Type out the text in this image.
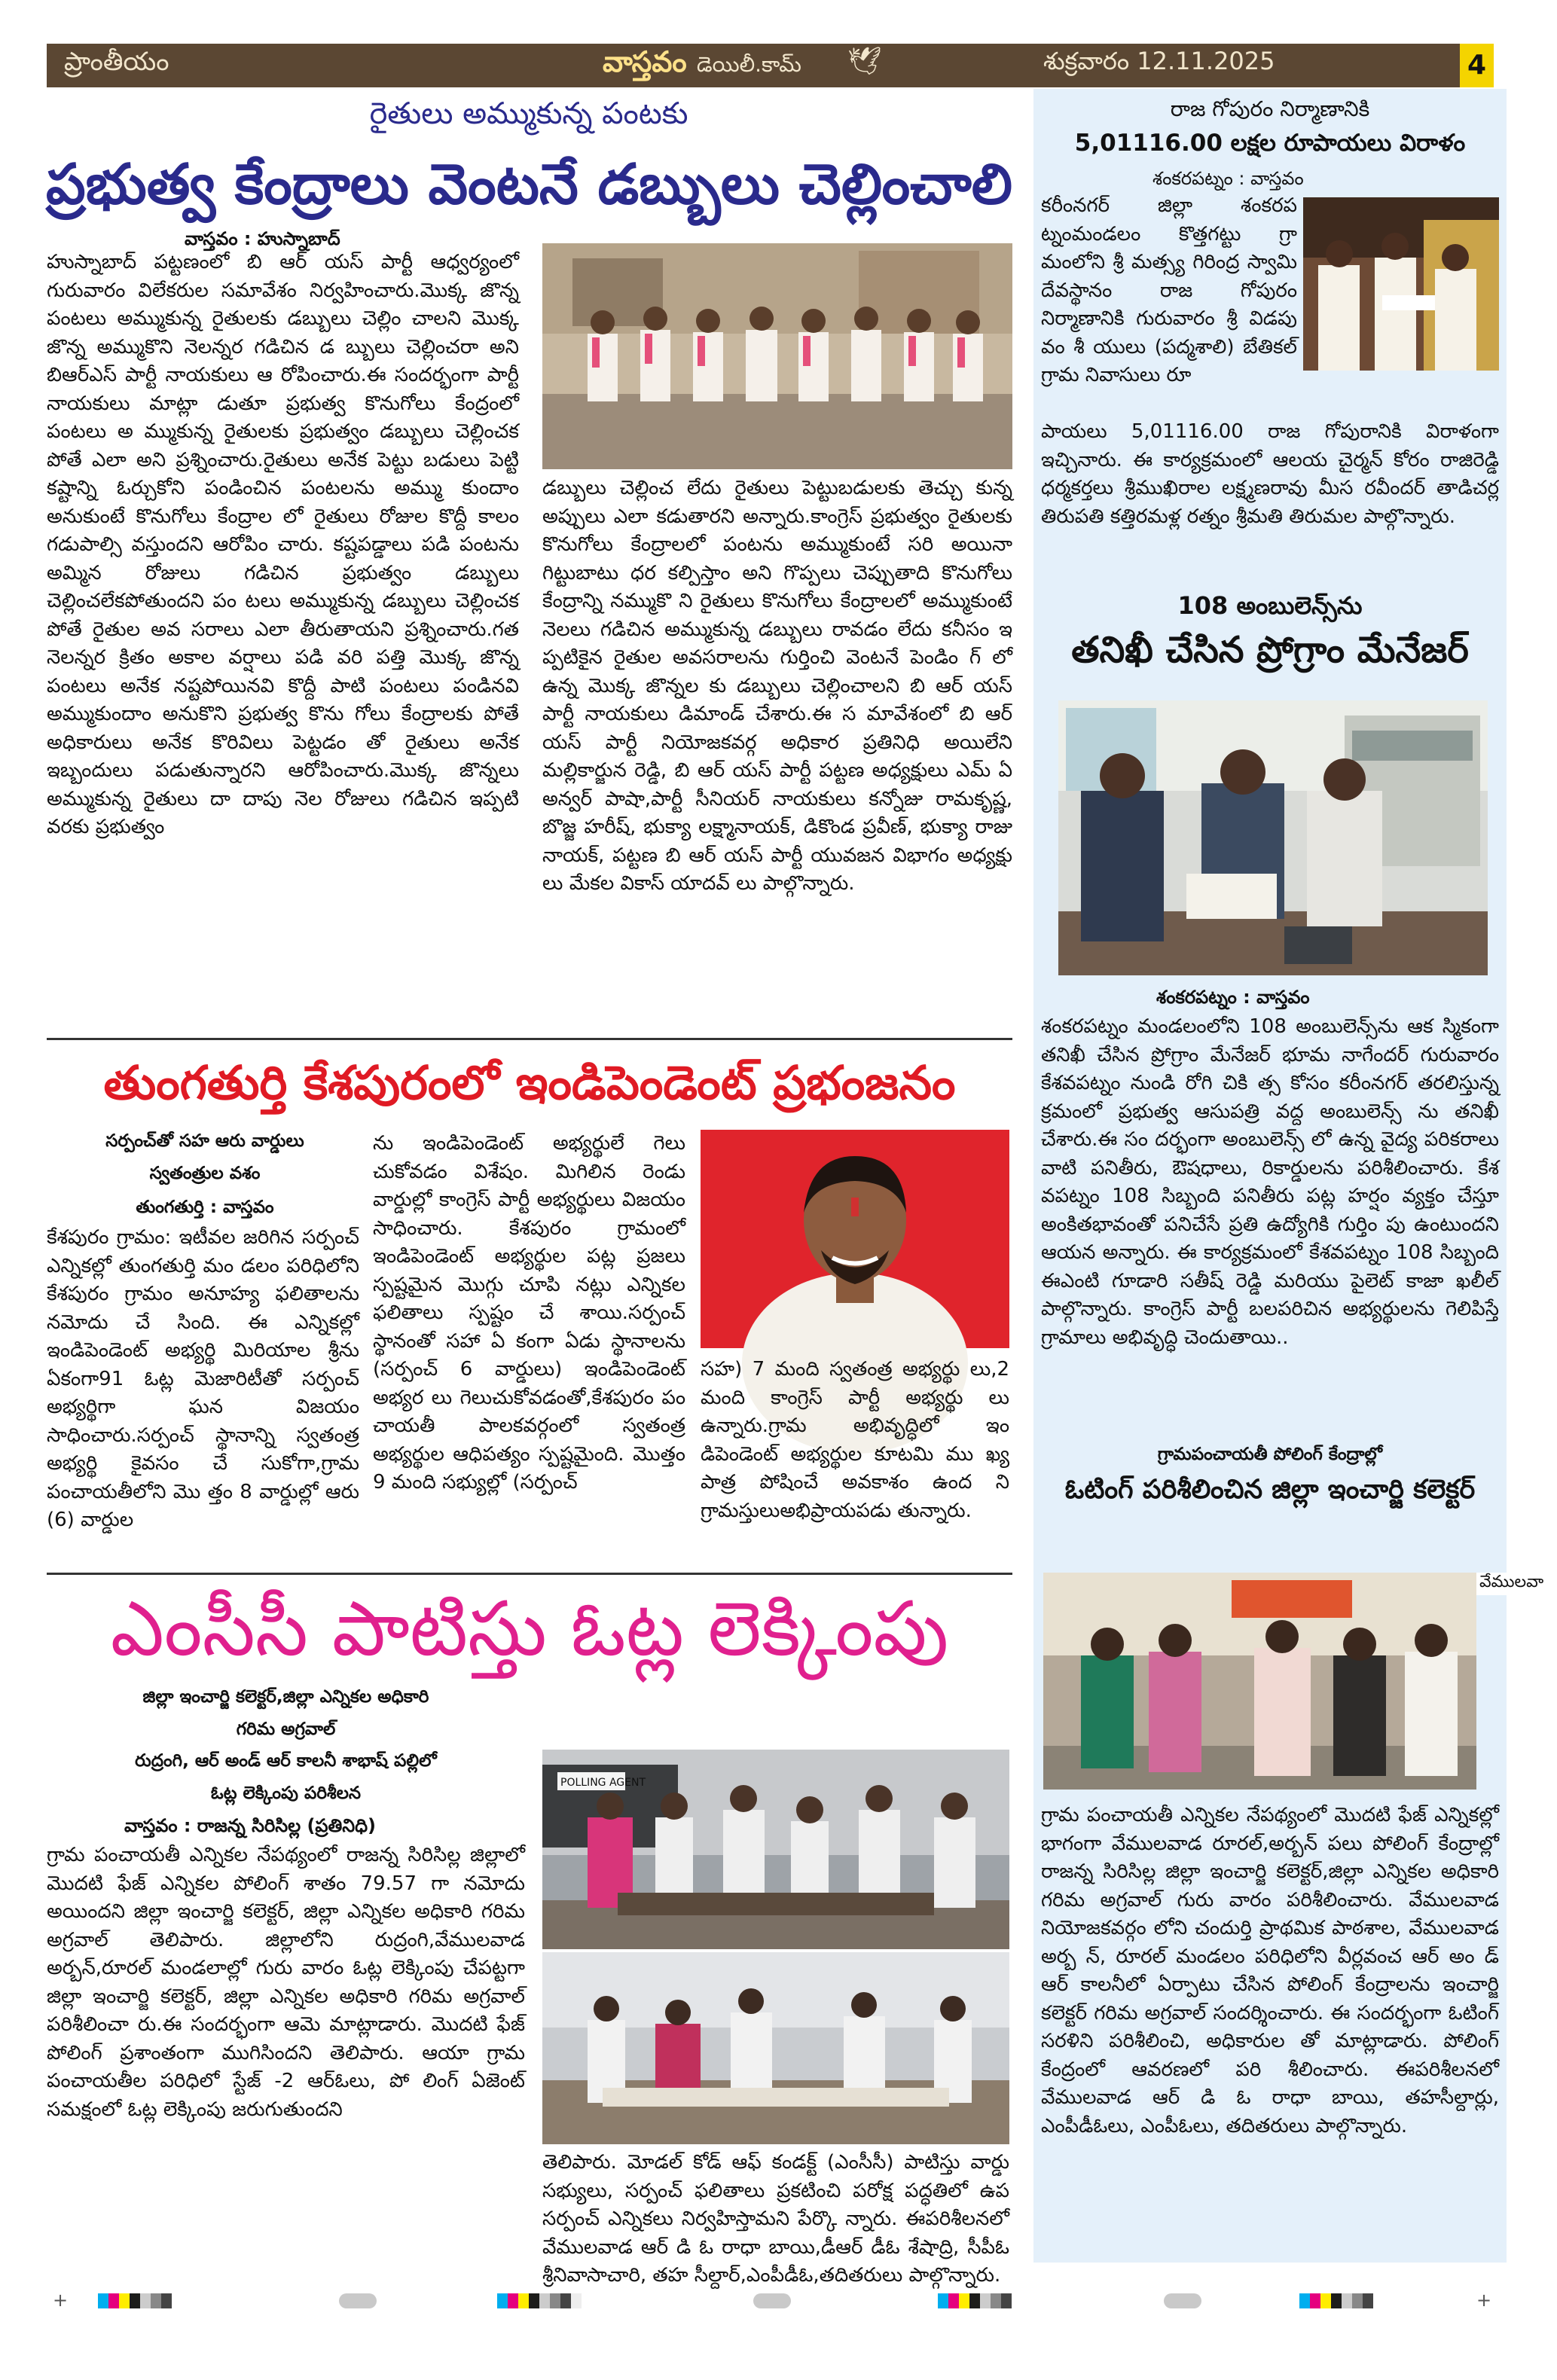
ప్రాంతీయం	వాస్తవం డెయిలీ.కామ్ 🕊	శుక్రవారం 12.11.2025	4
రైతులు అమ్ముకున్న పంటకు
ప్రభుత్వ కేంద్రాలు వెంటనే డబ్బులు చెల్లించాలి
వాస్తవం : హుస్నాబాద్
హుస్నాబాద్ పట్టణంలో బి ఆర్ యస్ పార్టీ ఆధ్వర్యంలో గురువారం విలేకరుల సమావేశం నిర్వహించారు.మొక్క జొన్న పంటలు అమ్ముకున్న రైతులకు డబ్బులు చెల్లిం చాలని మొక్క జొన్న అమ్ముకొని నెలన్నర గడిచిన డ బ్బులు చెల్లించరా అని బిఆర్ఎస్ పార్టీ నాయకులు ఆ రోపించారు.ఈ సందర్భంగా పార్టీ నాయకులు మాట్లా డుతూ ప్రభుత్వ కొనుగోలు కేంద్రంలో పంటలు అ మ్ముకున్న రైతులకు ప్రభుత్వం డబ్బులు చెల్లించక పోతే ఎలా అని ప్రశ్నించారు.రైతులు అనేక పెట్టు బడులు పెట్టి కష్టాన్ని ఓర్చుకోని పండించిన పంటలను అమ్ము కుందాం అనుకుంటే కొనుగోలు కేంద్రాల లో రైతులు రోజుల కొద్దీ కాలం గడుపాల్సి వస్తుందని ఆరోపిం చారు. కష్టపడ్డాలు పడి పంటను అమ్మిన రోజులు గడిచిన ప్రభుత్వం డబ్బులు చెల్లించలేకపోతుందని పం టలు అమ్ముకున్న డబ్బులు చెల్లించక పోతే రైతుల అవ సరాలు ఎలా తీరుతాయని ప్రశ్నించారు.గత నెలన్నర క్రితం అకాల వర్షాలు పడి వరి పత్తి మొక్క జొన్న పంటలు అనేక నష్టపోయినవి కొద్దీ పాటి పంటలు పండినవి అమ్ముకుందాం అనుకొని ప్రభుత్వ కొను గోలు కేంద్రాలకు పోతే అధికారులు అనేక కొరివిలు పెట్టడం తో రైతులు అనేక ఇబ్బందులు పడుతున్నారని ఆరోపించారు.మొక్క జొన్నలు అమ్ముకున్న రైతులు దా దాపు నెల రోజులు గడిచిన ఇప్పటి వరకు ప్రభుత్వం
డబ్బులు చెల్లించ లేదు రైతులు పెట్టుబడులకు తెచ్చు కున్న అప్పులు ఎలా కడుతారని అన్నారు.కాంగ్రెస్ ప్రభుత్వం రైతులకు కొనుగోలు కేంద్రాలలో పంటను అమ్ముకుంటే సరి అయినా గిట్టుబాటు ధర కల్పిస్తాం అని గొప్పలు చెప్పుతాది కొనుగోలు కేంద్రాన్ని నమ్ముకొ ని రైతులు కొనుగోలు కేంద్రాలలో అమ్ముకుంటే నెలలు గడిచిన అమ్ముకున్న డబ్బులు రావడం లేదు కనీసం ఇ ప్పటికైన రైతుల అవసరాలను గుర్తించి వెంటనే పెండిం గ్ లో ఉన్న మొక్క జొన్నల కు డబ్బులు చెల్లించాలని బి ఆర్ యస్ పార్టీ నాయకులు డిమాండ్ చేశారు.ఈ స మావేశంలో బి ఆర్ యస్ పార్టీ నియోజకవర్గ అధికార ప్రతినిధి అయిలేని మల్లికార్జున రెడ్డి, బి ఆర్ యస్ పార్టీ పట్టణ అధ్యక్షులు ఎమ్ ఏ అన్వర్ పాషా,పార్టీ సీనియర్ నాయకులు కన్నోజు రామకృష్ణ, బొజ్జ హరీష్, భుక్యా లక్ష్మానాయక్, డికొండ ప్రవీణ్, భుక్యా రాజు నాయక్, పట్టణ బి ఆర్ యస్ పార్టీ యువజన విభాగం అధ్యక్షు లు మేకల వికాస్ యాదవ్ లు పాల్గొన్నారు.
తుంగతుర్తి కేశపురంలో ఇండిపెండెంట్ ప్రభంజనం
సర్పంచ్‌తో సహ ఆరు వార్డులు
స్వతంత్రుల వశం
తుంగతుర్తి : వాస్తవం
కేశపురం గ్రామం: ఇటీవల జరిగిన సర్పంచ్ ఎన్నికల్లో తుంగతుర్తి మం డలం పరిధిలోని కేశపురం గ్రామం అనూహ్య ఫలితాలను నమోదు చే సింది. ఈ ఎన్నికల్లో ఇండిపెండెంట్ అభ్యర్థి మిరియాల శ్రీను ఏకంగా91 ఓట్ల మెజారిటీతో సర్పంచ్ అభ్యర్థిగా ఘన విజయం సాధించారు.సర్పంచ్ స్థానాన్ని స్వతంత్ర అభ్యర్థి కైవసం చే సుకోగా,గ్రామ పంచాయతీలోని మొ త్తం 8 వార్డుల్లో ఆరు (6) వార్డుల
ను ఇండిపెండెంట్ అభ్యర్థులే గెలు చుకోవడం విశేషం. మిగిలిన రెండు వార్డుల్లో కాంగ్రెస్ పార్టీ అభ్యర్థులు విజయం సాధించారు. కేశపురం గ్రామంలో ఇండిపెండెంట్ అభ్యర్థుల పట్ల ప్రజలు స్పష్టమైన మొగ్గు చూపి నట్లు ఎన్నికల ఫలితాలు స్పష్టం చే శాయి.సర్పంచ్ స్థానంతో సహా ఏ కంగా ఏడు స్థానాలను (సర్పంచ్ 6 వార్డులు) ఇండిపెండెంట్ అభ్యర లు గెలుచుకోవడంతో,కేశపురం పం చాయతీ పాలకవర్గంలో స్వతంత్ర అభ్యర్థుల ఆధిపత్యం స్పష్టమైంది. మొత్తం 9 మంది సభ్యుల్లో (సర్పంచ్
సహ) 7 మంది స్వతంత్ర అభ్యర్థు లు,2 మంది కాంగ్రెస్ పార్టీ అభ్యర్థు లు ఉన్నారు.గ్రామ అభివృద్ధిలో ఇం డిపెండెంట్ అభ్యర్థుల కూటమి ము ఖ్య పాత్ర పోషించే అవకాశం ఉంద ని గ్రామస్తులుఅభిప్రాయపడు తున్నారు.
ఎంసీసీ పాటిస్తు ఓట్ల లెక్కింపు
జిల్లా ఇంచార్జి కలెక్టర్,జిల్లా ఎన్నికల అధికారి
గరిమ అగ్రవాల్
రుద్రంగి, ఆర్ అండ్ ఆర్ కాలనీ శాభాష్ పల్లిలో
ఓట్ల లెక్కింపు పరిశీలన
వాస్తవం : రాజన్న సిరిసిల్ల (ప్రతినిధి)
గ్రామ పంచాయతీ ఎన్నికల నేపథ్యంలో రాజన్న సిరిసిల్ల జిల్లాలో మొదటి ఫేజ్ ఎన్నికల పోలింగ్ శాతం 79.57 గా నమోదు అయిందని జిల్లా ఇంచార్జి కలెక్టర్, జిల్లా ఎన్నికల అధికారి గరిమ అగ్రవాల్ తెలిపారు. జిల్లాలోని రుద్రంగి,వేములవాడ అర్బన్,రూరల్ మండలాల్లో గురు వారం ఓట్ల లెక్కింపు చేపట్టగా జిల్లా ఇంచార్జి కలెక్టర్, జిల్లా ఎన్నికల అధికారి గరిమ అగ్రవాల్ పరిశీలించా రు.ఈ సందర్భంగా ఆమె మాట్లాడారు. మొదటి ఫేజ్ పోలింగ్ ప్రశాంతంగా ముగిసిందని తెలిపారు. ఆయా గ్రామ పంచాయతీల పరిధిలో స్టేజ్ -2 ఆర్‌ఓలు, పో లింగ్ ఏజెంట్ సమక్షంలో ఓట్ల లెక్కింపు జరుగుతుందని
POLLING AGENT
తెలిపారు. మోడల్ కోడ్ ఆఫ్ కండక్ట్ (ఎంసీసీ) పాటిస్తు వార్డు సభ్యులు, సర్పంచ్ ఫలితాలు ప్రకటించి పరోక్ష పద్ధతిలో ఉప సర్పంచ్ ఎన్నికలు నిర్వహిస్తామని పేర్కొ న్నారు. ఈపరిశీలనలో వేములవాడ ఆర్ డి ఓ రాధా బాయి,డీఆర్ డీఓ శేషాద్రి, సీపీఓ శ్రీనివాసాచారి, తహ సీల్దార్,ఎంపీడీఓ,తదితరులు పాల్గొన్నారు.
రాజ గోపురం నిర్మాణానికి
5,01116.00 లక్షల రూపాయలు విరాళం
శంకరపట్నం : వాస్తవం
కరీంనగర్ జిల్లా శంకరప ట్నంమండలం కొత్తగట్టు గ్రా మంలోని శ్రీ మత్స్య గిరింద్ర స్వామి దేవస్థానం రాజ గోపురం నిర్మాణానికి గురువారం శ్రీ విడపు వం శీ యులు (పద్మశాలి) బేతికల్ గ్రామ నివాసులు రూ
పాయలు 5,01116.00 రాజ గోపురానికి విరాళంగా ఇచ్చినారు. ఈ కార్యక్రమంలో ఆలయ చైర్మన్ కోరం రాజిరెడ్డి ధర్మకర్తలు శ్రీముఖిరాల లక్ష్మణరావు మీస రవీందర్ తాడిచర్ల తిరుపతి కత్తిరమళ్ల రత్నం శ్రీమతి తిరుమల పాల్గొన్నారు.
108 అంబులెన్స్‌ను
తనిఖీ చేసిన ప్రోగ్రాం మేనేజర్
శంకరపట్నం : వాస్తవం
శంకరపట్నం మండలంలోని 108 అంబులెన్స్‌ను ఆక స్మికంగా తనిఖీ చేసిన ప్రోగ్రాం మేనేజర్ భూమ నాగేందర్ గురువారం కేశవపట్నం నుండి రోగి చికి త్స కోసం కరీంనగర్ తరలిస్తున్న క్రమంలో ప్రభుత్వ ఆసుపత్రి వద్ద అంబులెన్స్ ను తనిఖీ చేశారు.ఈ సం దర్భంగా అంబులెన్స్ లో ఉన్న వైద్య పరికరాలు వాటి పనితీరు, ఔషధాలు, రికార్డులను పరిశీలించారు. కేశ వపట్నం 108 సిబ్బంది పనితీరు పట్ల హర్షం వ్యక్తం చేస్తూ అంకితభావంతో పనిచేసే ప్రతి ఉద్యోగికి గుర్తిం పు ఉంటుందని ఆయన అన్నారు. ఈ కార్యక్రమంలో కేశవపట్నం 108 సిబ్బంది ఈఎంటి గూడారి సతీష్ రెడ్డి మరియు పైలెట్ కాజా ఖలీల్ పాల్గొన్నారు. కాంగ్రెస్ పార్టీ బలపరిచిన అభ్యర్థులను గెలిపిస్తే గ్రామాలు అభివృద్ధి చెందుతాయి..
గ్రామపంచాయతీ పోలింగ్ కేంద్రాల్లో
ఓటింగ్ పరిశీలించిన జిల్లా ఇంచార్జి కలెక్టర్
వేములవా
గ్రామ పంచాయతీ ఎన్నికల నేపథ్యంలో మొదటి ఫేజ్ ఎన్నికల్లో భాగంగా వేములవాడ రూరల్,అర్బన్ పలు పోలింగ్ కేంద్రాల్లో రాజన్న సిరిసిల్ల జిల్లా ఇంచార్జి కలెక్టర్,జిల్లా ఎన్నికల అధికారి గరిమ అగ్రవాల్ గురు వారం పరిశీలించారు. వేములవాడ నియోజకవర్గం లోని చందుర్తి ప్రాథమిక పాఠశాల, వేములవాడ అర్బ న్, రూరల్ మండలం పరిధిలోని వీర్లవంచ ఆర్ అం డ్ ఆర్ కాలనీలో ఏర్పాటు చేసిన పోలింగ్ కేంద్రాలను ఇంచార్జి కలెక్టర్ గరిమ అగ్రవాల్ సందర్శించారు. ఈ సందర్భంగా ఓటింగ్ సరళిని పరిశీలించి, అధికారుల తో మాట్లాడారు. పోలింగ్ కేంద్రంలో ఆవరణలో పరి శీలించారు. ఈపరిశీలనలో వేములవాడ ఆర్ డి ఓ రాధా బాయి, తహసీల్దార్లు, ఎంపీడీఓలు, ఎంపీఓలు, తదితరులు పాల్గొన్నారు.
+	+
